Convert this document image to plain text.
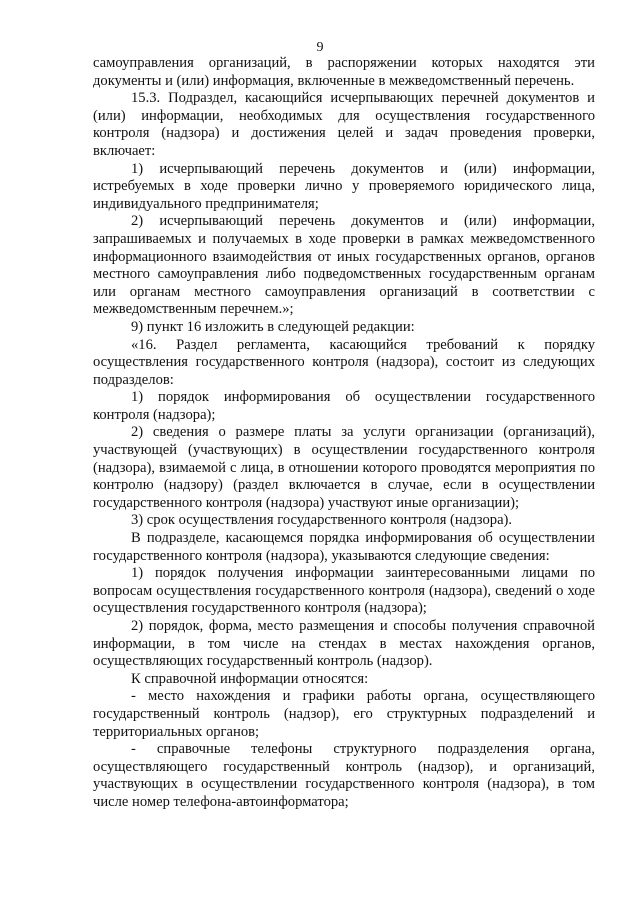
9

самоуправления организаций, в распоряжении которых находятся эти документы и (или) информация, включенные в межведомственный перечень.

15.3. Подраздел, касающийся исчерпывающих перечней документов и (или) информации, необходимых для осуществления государственного контроля (надзора) и достижения целей и задач проведения проверки, включает:

1) исчерпывающий перечень документов и (или) информации, истребуемых в ходе проверки лично у проверяемого юридического лица, индивидуального предпринимателя;

2) исчерпывающий перечень документов и (или) информации, запрашиваемых и получаемых в ходе проверки в рамках межведомственного информационного взаимодействия от иных государственных органов, органов местного самоуправления либо подведомственных государственным органам или органам местного самоуправления организаций в соответствии с межведомственным перечнем.»;

9) пункт 16 изложить в следующей редакции:

«16. Раздел регламента, касающийся требований к порядку осуществления государственного контроля (надзора), состоит из следующих подразделов:

1) порядок информирования об осуществлении государственного контроля (надзора);

2) сведения о размере платы за услуги организации (организаций), участвующей (участвующих) в осуществлении государственного контроля (надзора), взимаемой с лица, в отношении которого проводятся мероприятия по контролю (надзору) (раздел включается в случае, если в осуществлении государственного контроля (надзора) участвуют иные организации);

3) срок осуществления государственного контроля (надзора).

В подразделе, касающемся порядка информирования об осуществлении государственного контроля (надзора), указываются следующие сведения:

1) порядок получения информации заинтересованными лицами по вопросам осуществления государственного контроля (надзора), сведений о ходе осуществления государственного контроля (надзора);

2) порядок, форма, место размещения и способы получения справочной информации, в том числе на стендах в местах нахождения органов, осуществляющих государственный контроль (надзор).

К справочной информации относятся:

- место нахождения и графики работы органа, осуществляющего государственный контроль (надзор), его структурных подразделений и территориальных органов;

- справочные телефоны структурного подразделения органа, осуществляющего государственный контроль (надзор), и организаций, участвующих в осуществлении государственного контроля (надзора), в том числе номер телефона-автоинформатора;
